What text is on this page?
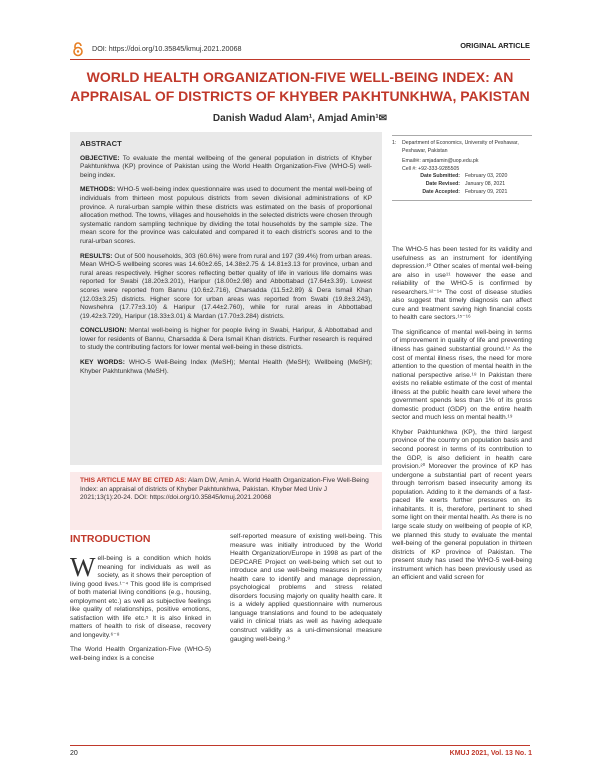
DOI: https://doi.org/10.35845/kmuj.2021.20068	ORIGINAL ARTICLE
WORLD HEALTH ORGANIZATION-FIVE WELL-BEING INDEX: AN APPRAISAL OF DISTRICTS OF KHYBER PAKHTUNKHWA, PAKISTAN
Danish Wadud Alam¹, Amjad Amin¹✉

ABSTRACT

OBJECTIVE: To evaluate the mental wellbeing of the general population in districts of Khyber Pakhtunkhwa (KP) province of Pakistan using the World Health Organization-Five (WHO-5) well-being index.

METHODS: WHO-5 well-being index questionnaire was used to document the mental well-being of individuals from thirteen most populous districts from seven divisional administrations of KP province. A rural-urban sample within these districts was estimated on the basis of proportional allocation method. The towns, villages and households in the selected districts were chosen through systematic random sampling technique by dividing the total households by the sample size. The mean score for the province was calculated and compared it to each district's scores and to the rural-urban scores.

RESULTS: Out of 500 households, 303 (60.6%) were from rural and 197 (39.4%) from urban areas. Mean WHO-5 wellbeing scores was 14.60±2.65, 14.38±2.75 & 14.81±3.13 for province, urban and rural areas respectively. Higher scores reflecting better quality of life in various life domains was reported for Swabi (18.20±3.201), Haripur (18.00±2.98) and Abbottabad (17.64±3.39). Lowest scores were reported from Bannu (10.6±2.716), Charsadda (11.5±2.89) & Dera Ismail Khan (12.03±3.25) districts. Higher score for urban areas was reported from Swabi (19.8±3.243), Nowshehra (17.77±3.10) & Haripur (17.44±2.760), while for rural areas in Abbottabad (19.42±3.729), Haripur (18.33±3.01) & Mardan (17.70±3.284) districts.

CONCLUSION: Mental well-being is higher for people living in Swabi, Haripur, & Abbottabad and lower for residents of Bannu, Charsadda & Dera Ismail Khan districts. Further research is required to study the contributing factors for lower mental well-being in these districts.

KEY WORDS: WHO-5 Well-Being Index (MeSH); Mental Health (MeSH); Wellbeing (MeSH); Khyber Pakhtunkhwa (MeSH).

THIS ARTICLE MAY BE CITED AS: Alam DW, Amin A. World Health Organization-Five Well-Being Index: an appraisal of districts of Khyber Pakhtunkhwa, Pakistan. Khyber Med Univ J 2021;13(1):20-24. DOI: https://doi.org/10.35845/kmuj.2021.20068
1: Department of Economics, University of Peshawar, Peshawar, Pakistan
Email✉: amjadamin@uop.edu.pk
Cell #: +92-333-9285505
Date Submitted: February 03, 2020
Date Revised: January 08, 2021
Date Accepted: February 09, 2021

The WHO-5 has been tested for its validity and usefulness as an instrument for identifying depression.¹⁰ Other scales of mental well-being are also in use¹¹ however the ease and reliability of the WHO-5 is confirmed by researchers.¹²⁻¹⁴ The cost of disease studies also suggest that timely diagnosis can affect cure and treatment saving high financial costs to health care sectors.¹⁵⁻¹⁶

The significance of mental well-being in terms of improvement in quality of life and preventing illness has gained substantial ground.¹⁷ As the cost of mental illness rises, the need for more attention to the question of mental health in the national perspective arise.¹⁸ In Pakistan there exists no reliable estimate of the cost of mental illness at the public health care level where the government spends less than 1% of its gross domestic product (GDP) on the entire health sector and much less on mental health.¹⁹

Khyber Pakhtunkhwa (KP), the third largest province of the country on population basis and second poorest in terms of its contribution to the GDP, is also deficient in health care provision.²⁰ Moreover the province of KP has undergone a substantial part of recent years through terrorism based insecurity among its population. Adding to it the demands of a fast-paced life exerts further pressures on its inhabitants. It is, therefore, pertinent to shed some light on their mental health. As there is no large scale study on wellbeing of people of KP, we planned this study to evaluate the mental well-being of the general population in thirteen districts of KP province of Pakistan. The present study has used the WHO-5 well-being instrument which has been previously used as an efficient and valid screen for

INTRODUCTION

Well-being is a condition which holds meaning for individuals as well as society, as it shows their perception of living good lives.¹⁻⁴ This good life is comprised of both material living conditions (e.g., housing, employment etc.) as well as subjective feelings like quality of relationships, positive emotions, satisfaction with life etc.⁵ It is also linked in matters of health to risk of disease, recovery and longevity.⁶⁻⁸

The World Health Organization-Five (WHO-5) well-being index is a concise

self-reported measure of existing well-being. This measure was initially introduced by the World Health Organization/Europe in 1998 as part of the DEPCARE Project on well-being which set out to introduce and use well-being measures in primary health care to identify and manage depression, psychological problems and stress related disorders focusing majorly on quality health care. It is a widely applied questionnaire with numerous language translations and found to be adequately valid in clinical trials as well as having adequate construct validity as a uni-dimensional measure gauging well-being.⁹

20	KMUJ 2021, Vol. 13 No. 1
